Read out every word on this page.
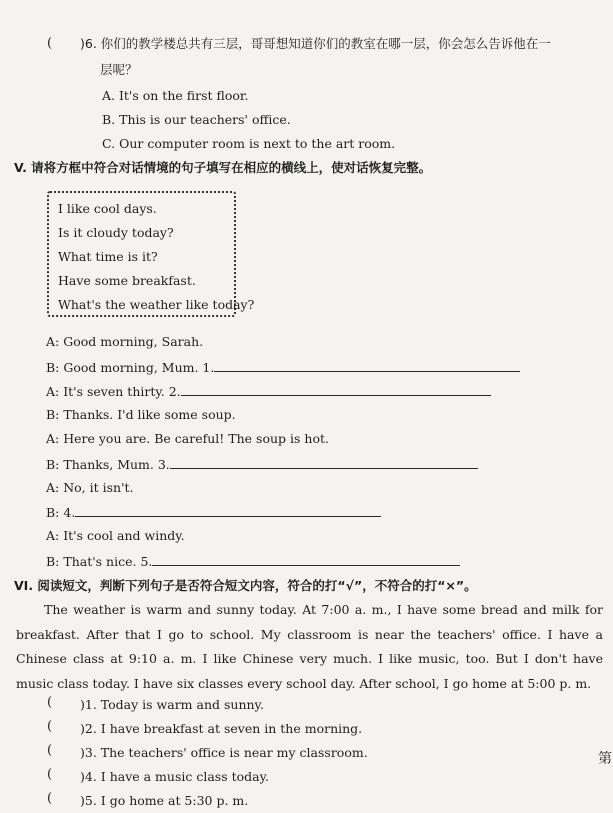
( )6. 你们的教学楼总共有三层，哥哥想知道你们的教室在哪一层，你会怎么告诉他在一
层呢？
A. It's on the first floor.
B. This is our teachers' office.
C. Our computer room is next to the art room.
V. 请将方框中符合对话情境的句子填写在相应的横线上，使对话恢复完整。
I like cool days.
Is it cloudy today?
What time is it?
Have some breakfast.
What's the weather like today?
A: Good morning, Sarah.
B: Good morning, Mum. 1.
A: It's seven thirty. 2.
B: Thanks. I'd like some soup.
A: Here you are. Be careful! The soup is hot.
B: Thanks, Mum. 3.
A: No, it isn't.
B: 4.
A: It's cool and windy.
B: That's nice. 5.
VI. 阅读短文，判断下列句子是否符合短文内容，符合的打“√”，不符合的打“×”。
The weather is warm and sunny today. At 7:00 a. m., I have some bread and milk for breakfast. After that I go to school. My classroom is near the teachers' office. I have a Chinese class at 9:10 a. m. I like Chinese very much. I like music, too. But I don't have music class today. I have six classes every school day. After school, I go home at 5:00 p. m.
( )1. Today is warm and sunny.
( )2. I have breakfast at seven in the morning.
( )3. The teachers' office is near my classroom.
( )4. I have a music class today.
( )5. I go home at 5:30 p. m.
第
